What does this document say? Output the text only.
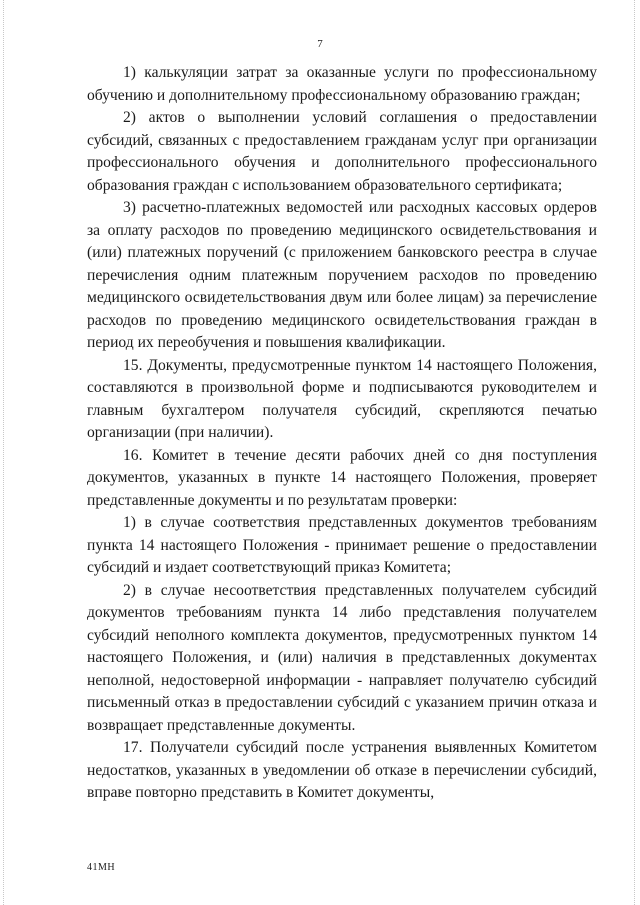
7

1) калькуляции затрат за оказанные услуги по профессиональному обучению и дополнительному профессиональному образованию граждан;

2) актов о выполнении условий соглашения о предоставлении субсидий, связанных с предоставлением гражданам услуг при организации профессионального обучения и дополнительного профессионального образования граждан с использованием образовательного сертификата;

3) расчетно-платежных ведомостей или расходных кассовых ордеров за оплату расходов по проведению медицинского освидетельствования и (или) платежных поручений (с приложением банковского реестра в случае перечисления одним платежным поручением расходов по проведению медицинского освидетельствования двум или более лицам) за перечисление расходов по проведению медицинского освидетельствования граждан в период их переобучения и повышения квалификации.

15. Документы, предусмотренные пунктом 14 настоящего Положения, составляются в произвольной форме и подписываются руководителем и главным бухгалтером получателя субсидий, скрепляются печатью организации (при наличии).

16. Комитет в течение десяти рабочих дней со дня поступления документов, указанных в пункте 14 настоящего Положения, проверяет представленные документы и по результатам проверки:

1) в случае соответствия представленных документов требованиям пункта 14 настоящего Положения - принимает решение о предоставлении субсидий и издает соответствующий приказ Комитета;

2) в случае несоответствия представленных получателем субсидий документов требованиям пункта 14 либо представления получателем субсидий неполного комплекта документов, предусмотренных пунктом 14 настоящего Положения, и (или) наличия в представленных документах неполной, недостоверной информации - направляет получателю субсидий письменный отказ в предоставлении субсидий с указанием причин отказа и возвращает представленные документы.

17. Получатели субсидий после устранения выявленных Комитетом недостатков, указанных в уведомлении об отказе в перечислении субсидий, вправе повторно представить в Комитет документы,

41МН
